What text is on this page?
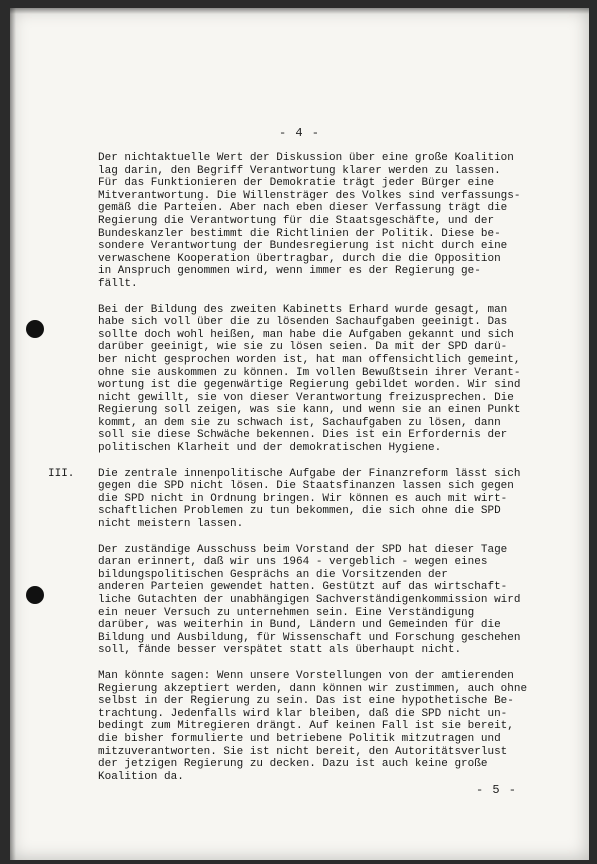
- 4 -

Der nichtaktuelle Wert der Diskussion über eine große Koalition
lag darin, den Begriff Verantwortung klarer werden zu lassen.
Für das Funktionieren der Demokratie trägt jeder Bürger eine
Mitverantwortung. Die Willensträger des Volkes sind verfassungs-
gemäß die Parteien. Aber nach eben dieser Verfassung trägt die
Regierung die Verantwortung für die Staatsgeschäfte, und der
Bundeskanzler bestimmt die Richtlinien der Politik. Diese be-
sondere Verantwortung der Bundesregierung ist nicht durch eine
verwaschene Kooperation übertragbar, durch die die Opposition
in Anspruch genommen wird, wenn immer es der Regierung ge-
fällt.

Bei der Bildung des zweiten Kabinetts Erhard wurde gesagt, man
habe sich voll über die zu lösenden Sachaufgaben geeinigt. Das
sollte doch wohl heißen, man habe die Aufgaben gekannt und sich
darüber geeinigt, wie sie zu lösen seien. Da mit der SPD darü-
ber nicht gesprochen worden ist, hat man offensichtlich gemeint,
ohne sie auskommen zu können. Im vollen Bewußtsein ihrer Verant-
wortung ist die gegenwärtige Regierung gebildet worden. Wir sind
nicht gewillt, sie von dieser Verantwortung freizusprechen. Die
Regierung soll zeigen, was sie kann, und wenn sie an einen Punkt
kommt, an dem sie zu schwach ist, Sachaufgaben zu lösen, dann
soll sie diese Schwäche bekennen. Dies ist ein Erfordernis der
politischen Klarheit und der demokratischen Hygiene.

III. Die zentrale innenpolitische Aufgabe der Finanzreform lässt sich
gegen die SPD nicht lösen. Die Staatsfinanzen lassen sich gegen
die SPD nicht in Ordnung bringen. Wir können es auch mit wirt-
schaftlichen Problemen zu tun bekommen, die sich ohne die SPD
nicht meistern lassen.

Der zuständige Ausschuss beim Vorstand der SPD hat dieser Tage
daran erinnert, daß wir uns 1964 - vergeblich - wegen eines
bildungspolitischen Gesprächs an die Vorsitzenden der
anderen Parteien gewendet hatten. Gestützt auf das wirtschaft-
liche Gutachten der unabhängigen Sachverständigenkommission wird
ein neuer Versuch zu unternehmen sein. Eine Verständigung
darüber, was weiterhin in Bund, Ländern und Gemeinden für die
Bildung und Ausbildung, für Wissenschaft und Forschung geschehen
soll, fände besser verspätet statt als überhaupt nicht.

Man könnte sagen: Wenn unsere Vorstellungen von der amtierenden
Regierung akzeptiert werden, dann können wir zustimmen, auch ohne
selbst in der Regierung zu sein. Das ist eine hypothetische Be-
trachtung. Jedenfalls wird klar bleiben, daß die SPD nicht un-
bedingt zum Mitregieren drängt. Auf keinen Fall ist sie bereit,
die bisher formulierte und betriebene Politik mitzutragen und
mitzuverantworten. Sie ist nicht bereit, den Autoritätsverlust
der jetzigen Regierung zu decken. Dazu ist auch keine große
Koalition da.

- 5 -
